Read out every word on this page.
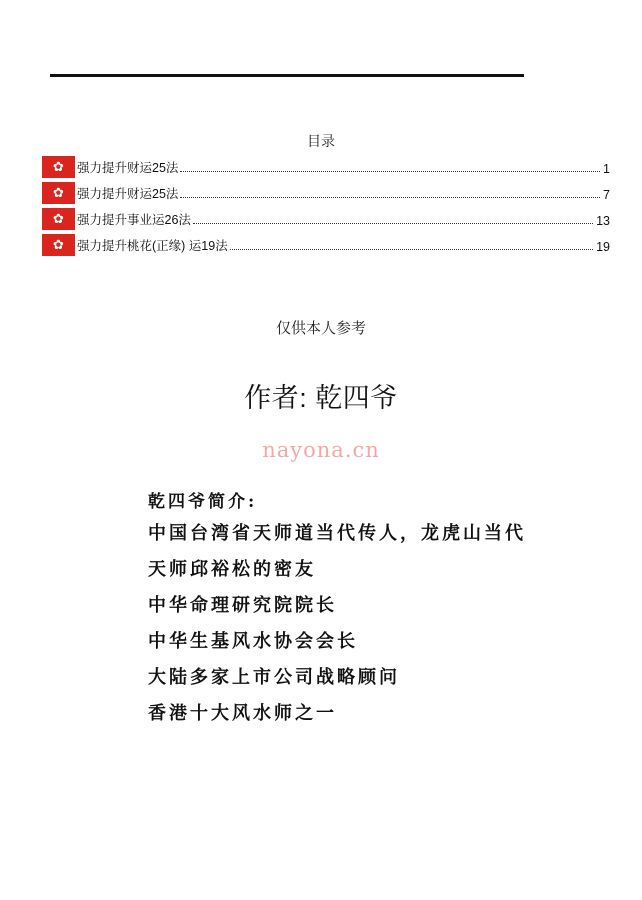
目录
✿	强力提升财运25法	1
✿	强力提升财运25法	7
✿	强力提升事业运26法	13
✿	强力提升桃花(正缘) 运19法	19
仅供本人参考
作者: 乾四爷
nayona.cn
乾四爷简介:
中国台湾省天师道当代传人，龙虎山当代
天师邱裕松的密友
中华命理研究院院长
中华生基风水协会会长
大陆多家上市公司战略顾问
香港十大风水师之一
